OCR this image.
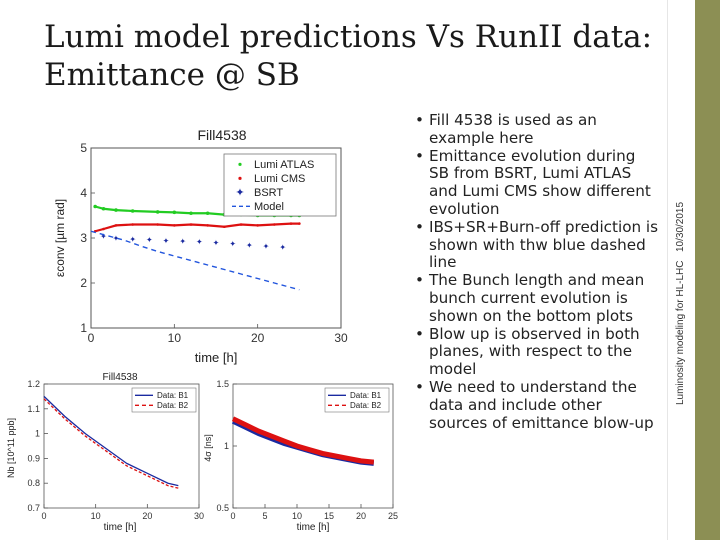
Lumi model predictions Vs RunII data:
Emittance @ SB
Fill4538
1
2
3
4
5
0	10	20	30
✦ ✦ ✦ ✦ ✦ ✦ ✦ ✦ ✦ ✦ ✦ ✦
time [h]
εconv [µm rad]
Lumi ATLAS
Lumi CMS
✦ BSRT
Model
Fill4538
0.7
0.8
0.9
1
1.1
1.2
0	10	20	30
time [h]
Nb [10^11 ppb]
Data: B1
Data: B2
0.5
1
1.5
0	5	10 15 20 25
time [h]
4σ [ns]
Data: B1
Data: B2
• Fill 4538 is used as an example here
• Emittance evolution during SB from BSRT, Lumi ATLAS and Lumi CMS show different evolution
• IBS+SR+Burn-off prediction is shown with thw blue dashed line
• The Bunch length and mean bunch current evolution is shown on the bottom plots
• Blow up is observed in both planes, with respect to the model
• We need to understand the data and include other sources of emittance blow-up
Luminosity modeling for HL-LHC
10/30/2015
